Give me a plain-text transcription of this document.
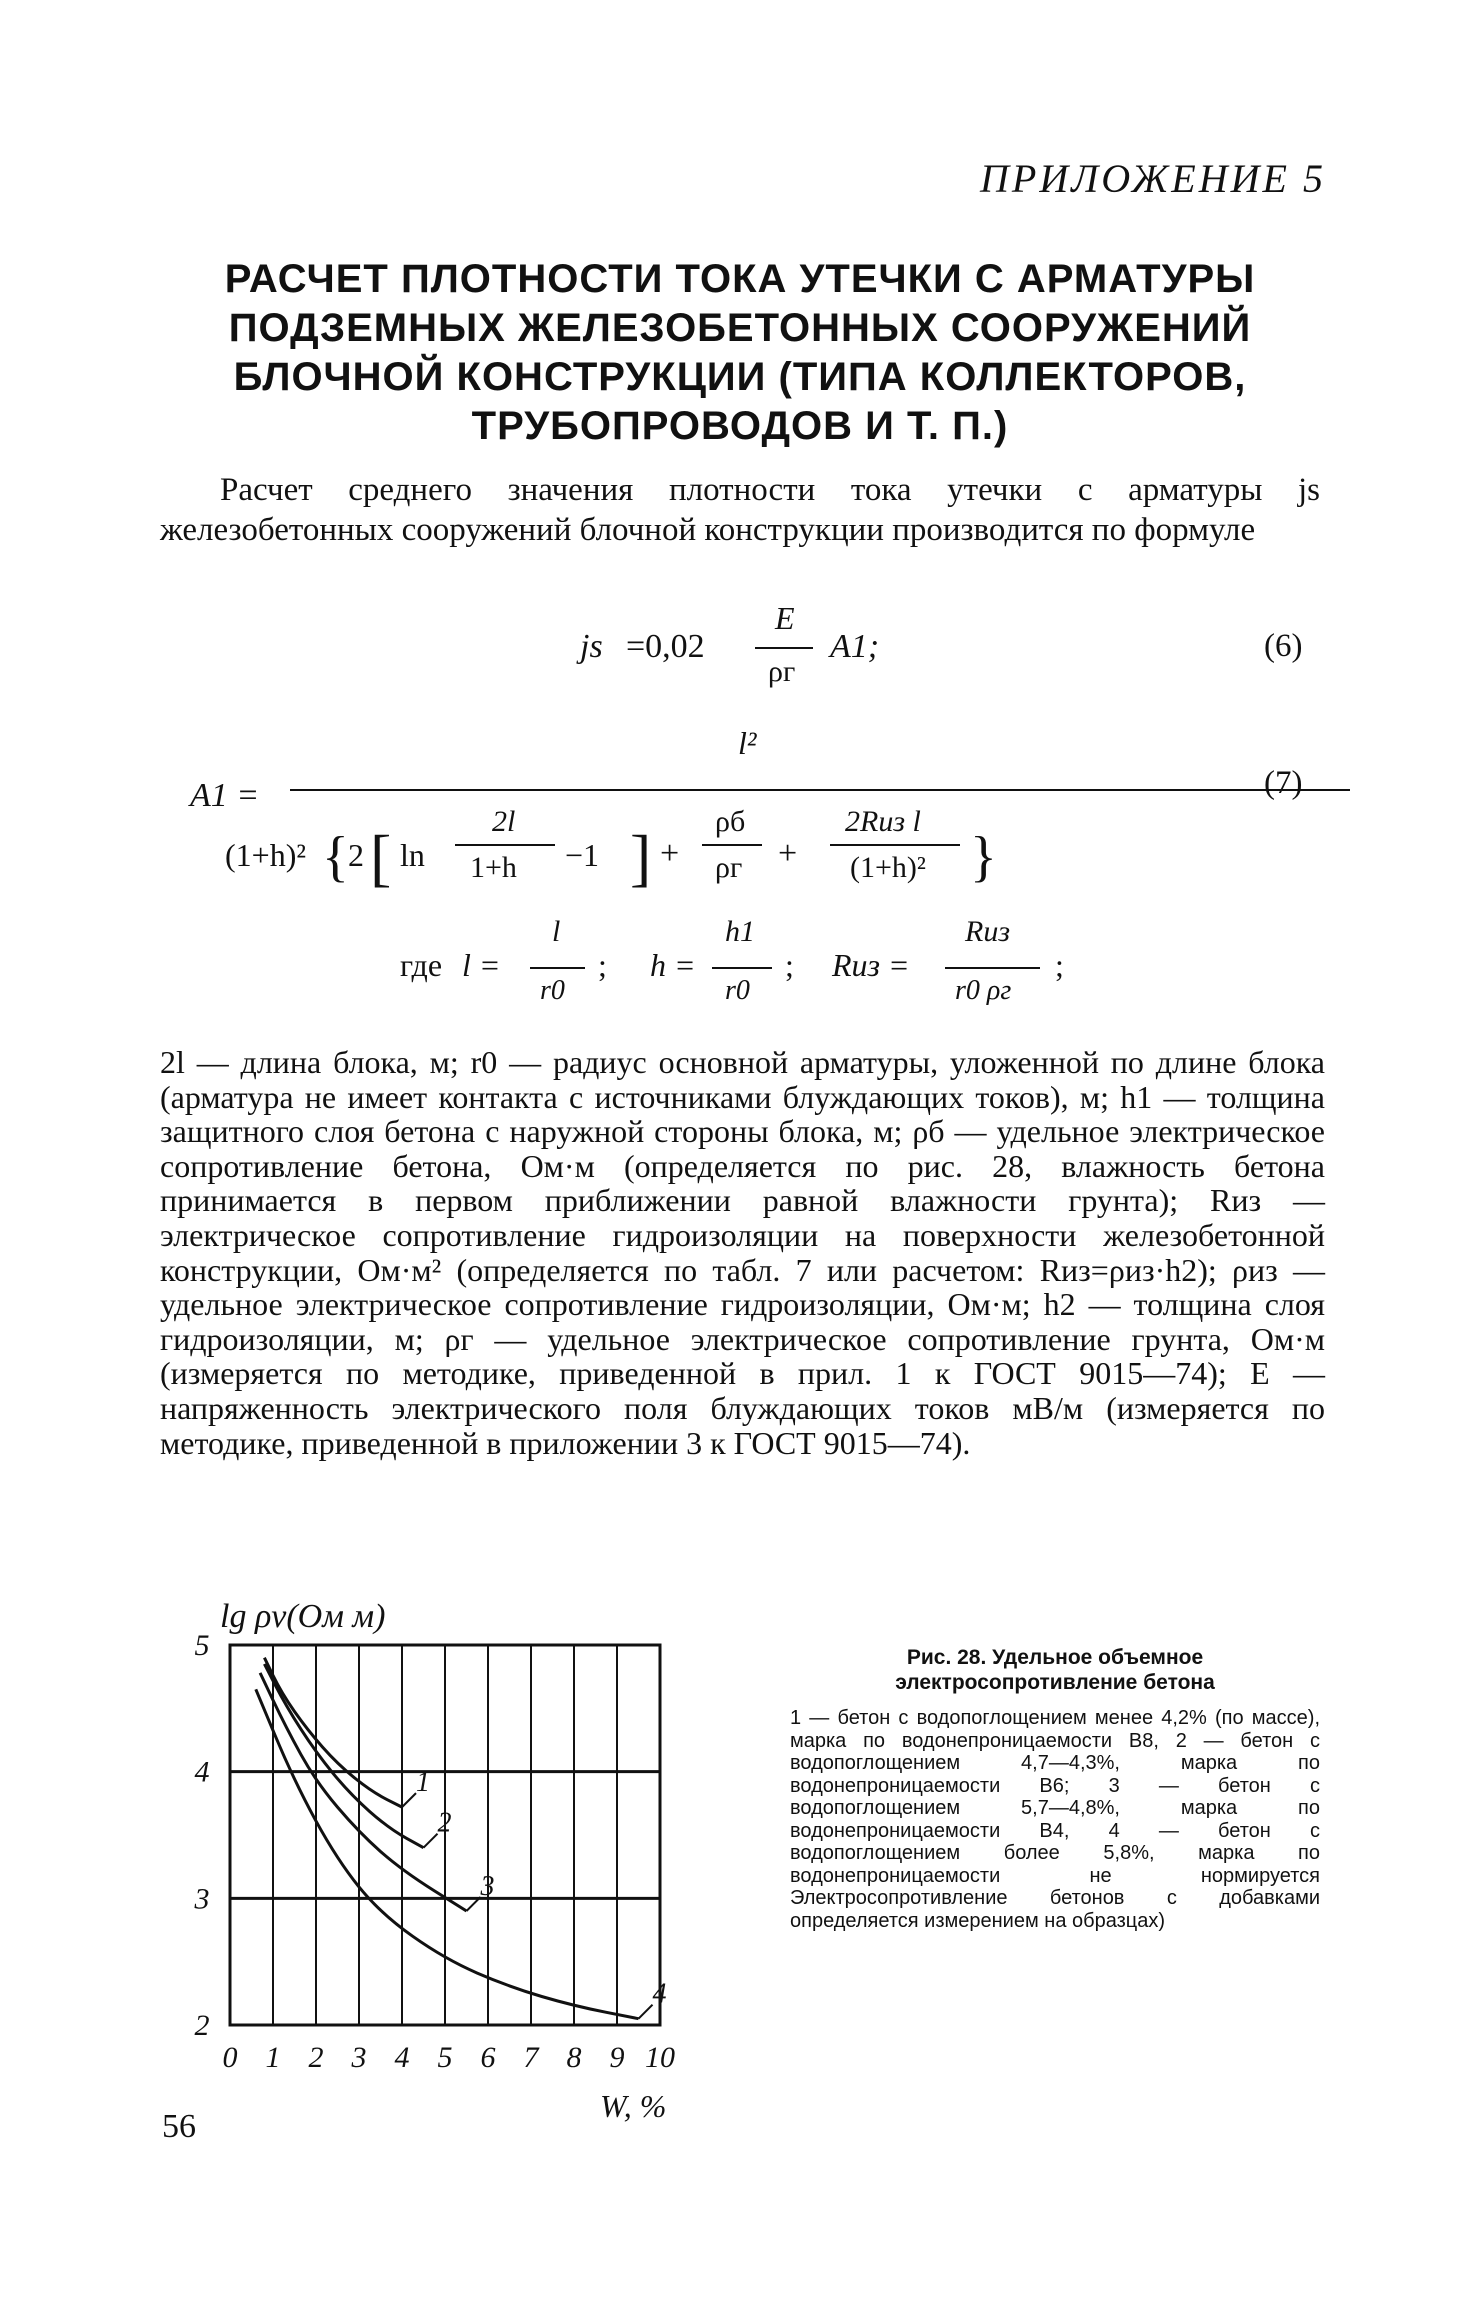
ПРИЛОЖЕНИЕ 5
РАСЧЕТ ПЛОТНОСТИ ТОКА УТЕЧКИ С АРМАТУРЫ
ПОДЗЕМНЫХ ЖЕЛЕЗОБЕТОННЫХ СООРУЖЕНИЙ
БЛОЧНОЙ КОНСТРУКЦИИ (ТИПА КОЛЛЕКТОРОВ,
ТРУБОПРОВОДОВ И Т. П.)

Расчет среднего значения плотности тока утечки с арматуры js железобетонных сооружений блочной конструкции производится по формуле

js =0,02
E
ρг
A1;	(6)
A1 =
l²
(1+h)² { 2 [ ln
2l
1+h −1 ] +
ρб
ρг +
2Rиз l
(1+h)² }
(7)
где l =
l
r0
; h =
h1
r0
; Rиз =
Rиз
r0 ρг
;

2l — длина блока, м; r0 — радиус основной арматуры, уложенной по длине блока (арматура не имеет контакта с источниками блуждающих токов), м; h1 — толщина защитного слоя бетона с наружной стороны блока, м; ρб — удельное электрическое сопротивление бетона, Ом·м (определяется по рис. 28, влажность бетона принимается в первом приближении равной влажности грунта); Rиз — электрическое сопротивление гидроизоляции на поверхности железобетонной конструкции, Ом·м² (определяется по табл. 7 или расчетом: Rиз=ρиз·h2); ρиз — удельное электрическое сопротивление гидроизоляции, Ом·м; h2 — толщина слоя гидроизоляции, м; ρг — удельное электрическое сопротивление грунта, Ом·м (измеряется по методике, приведенной в прил. 1 к ГОСТ 9015—74); E — напряженность электрического поля блуждающих токов мВ/м (измеряется по методике, приведенной в приложении 3 к ГОСТ 9015—74).

0 1 2 3 4 5 6 7 8 9 10
2
3
4
5
lg ρv(Ом м)
W, %
1
2
3
4
Рис. 28. Удельное объемное электросопротивление бетона
1 — бетон с водопоглощением менее 4,2% (по массе), марка по водонепроницаемости В8, 2 — бетон с водопоглощением 4,7—4,3%, марка по водонепроницаемости В6; 3 — бетон с водопоглощением 5,7—4,8%, марка по водонепроницаемости В4, 4 — бетон с водопоглощением более 5,8%, марка по водонепроницаемости не нормируется Электросопротивление бетонов с добавками определяется измерением на образцах)
56
